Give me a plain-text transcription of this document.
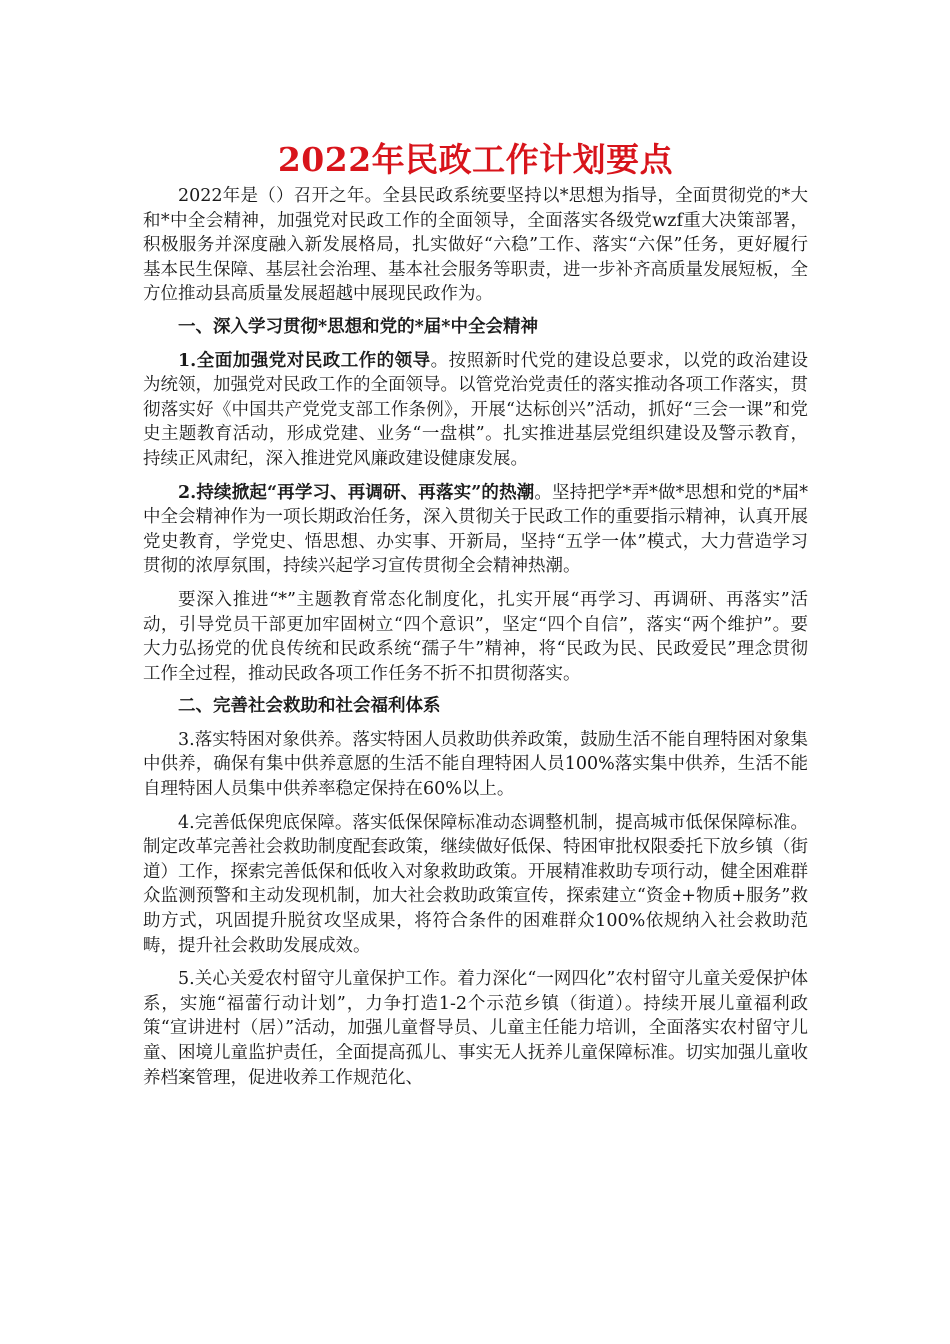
2022年民政工作计划要点

2022年是（）召开之年。全县民政系统要坚持以*思想为指导，全面贯彻党的*大和*中全会精神，加强党对民政工作的全面领导，全面落实各级党wzf重大决策部署，积极服务并深度融入新发展格局，扎实做好“六稳”工作、落实“六保”任务，更好履行基本民生保障、基层社会治理、基本社会服务等职责，进一步补齐高质量发展短板，全方位推动县高质量发展超越中展现民政作为。

一、深入学习贯彻*思想和党的*届*中全会精神

1.全面加强党对民政工作的领导。按照新时代党的建设总要求，以党的政治建设为统领，加强党对民政工作的全面领导。以管党治党责任的落实推动各项工作落实，贯彻落实好《中国共产党党支部工作条例》，开展“达标创兴”活动，抓好“三会一课”和党史主题教育活动，形成党建、业务“一盘棋”。扎实推进基层党组织建设及警示教育，持续正风肃纪，深入推进党风廉政建设健康发展。

2.持续掀起“再学习、再调研、再落实”的热潮。坚持把学*弄*做*思想和党的*届*中全会精神作为一项长期政治任务，深入贯彻关于民政工作的重要指示精神，认真开展党史教育，学党史、悟思想、办实事、开新局，坚持“五学一体”模式，大力营造学习贯彻的浓厚氛围，持续兴起学习宣传贯彻全会精神热潮。

要深入推进“*”主题教育常态化制度化，扎实开展“再学习、再调研、再落实”活动，引导党员干部更加牢固树立“四个意识”，坚定“四个自信”，落实“两个维护”。要大力弘扬党的优良传统和民政系统“孺子牛”精神，将“民政为民、民政爱民”理念贯彻工作全过程，推动民政各项工作任务不折不扣贯彻落实。

二、完善社会救助和社会福利体系

3.落实特困对象供养。落实特困人员救助供养政策，鼓励生活不能自理特困对象集中供养，确保有集中供养意愿的生活不能自理特困人员100%落实集中供养，生活不能自理特困人员集中供养率稳定保持在60%以上。

4.完善低保兜底保障。落实低保保障标准动态调整机制，提高城市低保保障标准。制定改革完善社会救助制度配套政策，继续做好低保、特困审批权限委托下放乡镇（街道）工作，探索完善低保和低收入对象救助政策。开展精准救助专项行动，健全困难群众监测预警和主动发现机制，加大社会救助政策宣传，探索建立“资金+物质+服务”救助方式，巩固提升脱贫攻坚成果，将符合条件的困难群众100%依规纳入社会救助范畴，提升社会救助发展成效。

5.关心关爱农村留守儿童保护工作。着力深化“一网四化”农村留守儿童关爱保护体系，实施“福蕾行动计划”，力争打造1-2个示范乡镇（街道）。持续开展儿童福利政策“宣讲进村（居）”活动，加强儿童督导员、儿童主任能力培训，全面落实农村留守儿童、困境儿童监护责任，全面提高孤儿、事实无人抚养儿童保障标准。切实加强儿童收养档案管理，促进收养工作规范化、
